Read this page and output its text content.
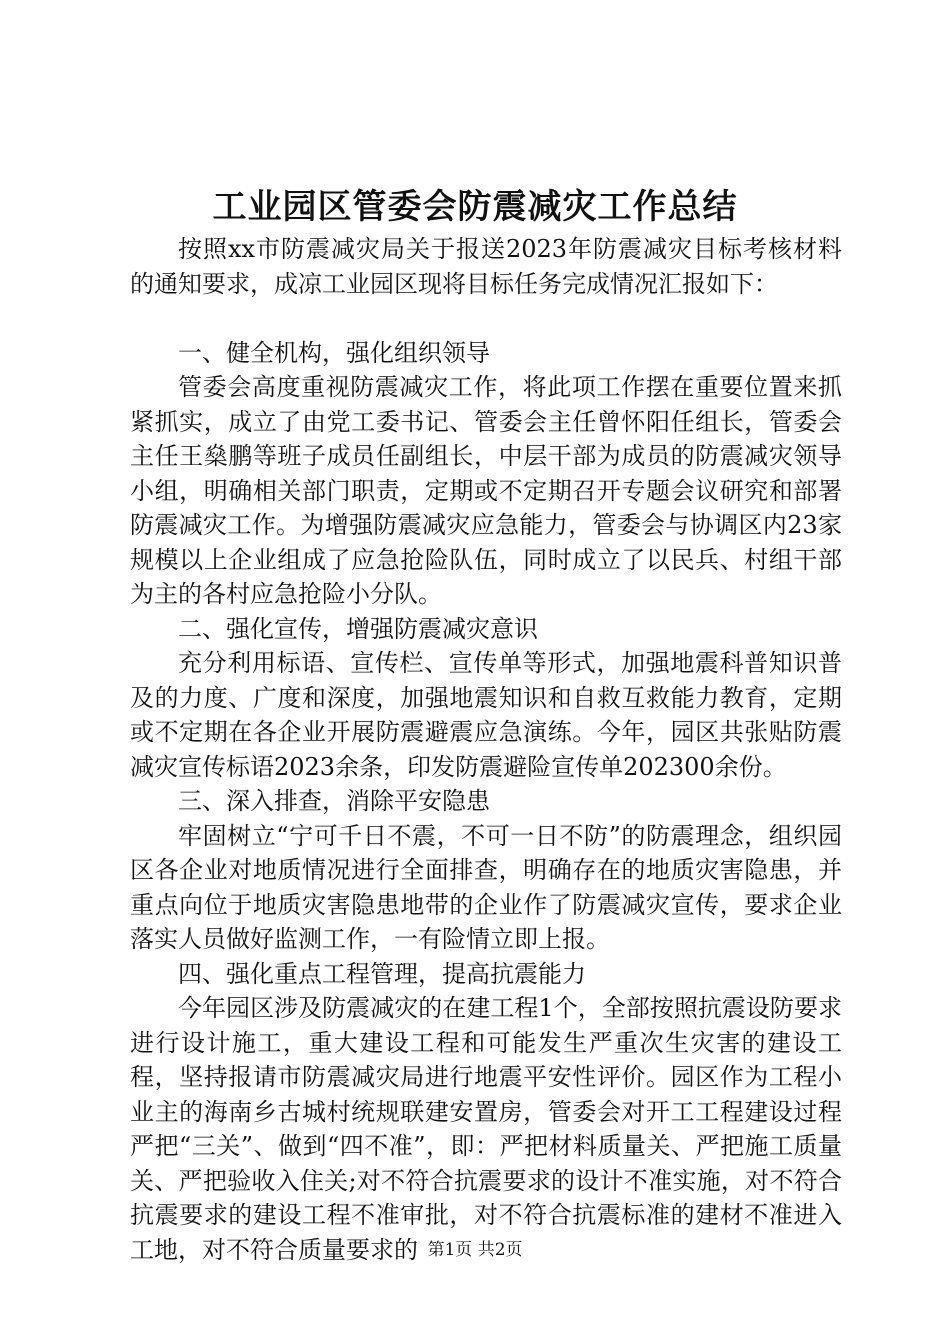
工业园区管委会防震减灾工作总结

按照xx市防震减灾局关于报送2023年防震减灾目标考核材料的通知要求，成凉工业园区现将目标任务完成情况汇报如下：

一、健全机构，强化组织领导

管委会高度重视防震减灾工作，将此项工作摆在重要位置来抓紧抓实，成立了由党工委书记、管委会主任曾怀阳任组长，管委会主任王燊鹏等班子成员任副组长，中层干部为成员的防震减灾领导小组，明确相关部门职责，定期或不定期召开专题会议研究和部署防震减灾工作。为增强防震减灾应急能力，管委会与协调区内23家规模以上企业组成了应急抢险队伍，同时成立了以民兵、村组干部为主的各村应急抢险小分队。

二、强化宣传，增强防震减灾意识

充分利用标语、宣传栏、宣传单等形式，加强地震科普知识普及的力度、广度和深度，加强地震知识和自救互救能力教育，定期或不定期在各企业开展防震避震应急演练。今年，园区共张贴防震减灾宣传标语2023余条，印发防震避险宣传单202300余份。

三、深入排查，消除平安隐患

牢固树立“宁可千日不震，不可一日不防”的防震理念，组织园区各企业对地质情况进行全面排查，明确存在的地质灾害隐患，并重点向位于地质灾害隐患地带的企业作了防震减灾宣传，要求企业落实人员做好监测工作，一有险情立即上报。

四、强化重点工程管理，提高抗震能力

今年园区涉及防震减灾的在建工程1个，全部按照抗震设防要求进行设计施工，重大建设工程和可能发生严重次生灾害的建设工程，坚持报请市防震减灾局进行地震平安性评价。园区作为工程小业主的海南乡古城村统规联建安置房，管委会对开工工程建设过程严把“三关”、做到“四不准”，即：严把材料质量关、严把施工质量关、严把验收入住关;对不符合抗震要求的设计不准实施，对不符合抗震要求的建设工程不准审批，对不符合抗震标准的建材不准进入工地，对不符合质量要求的 第1页 共2页
